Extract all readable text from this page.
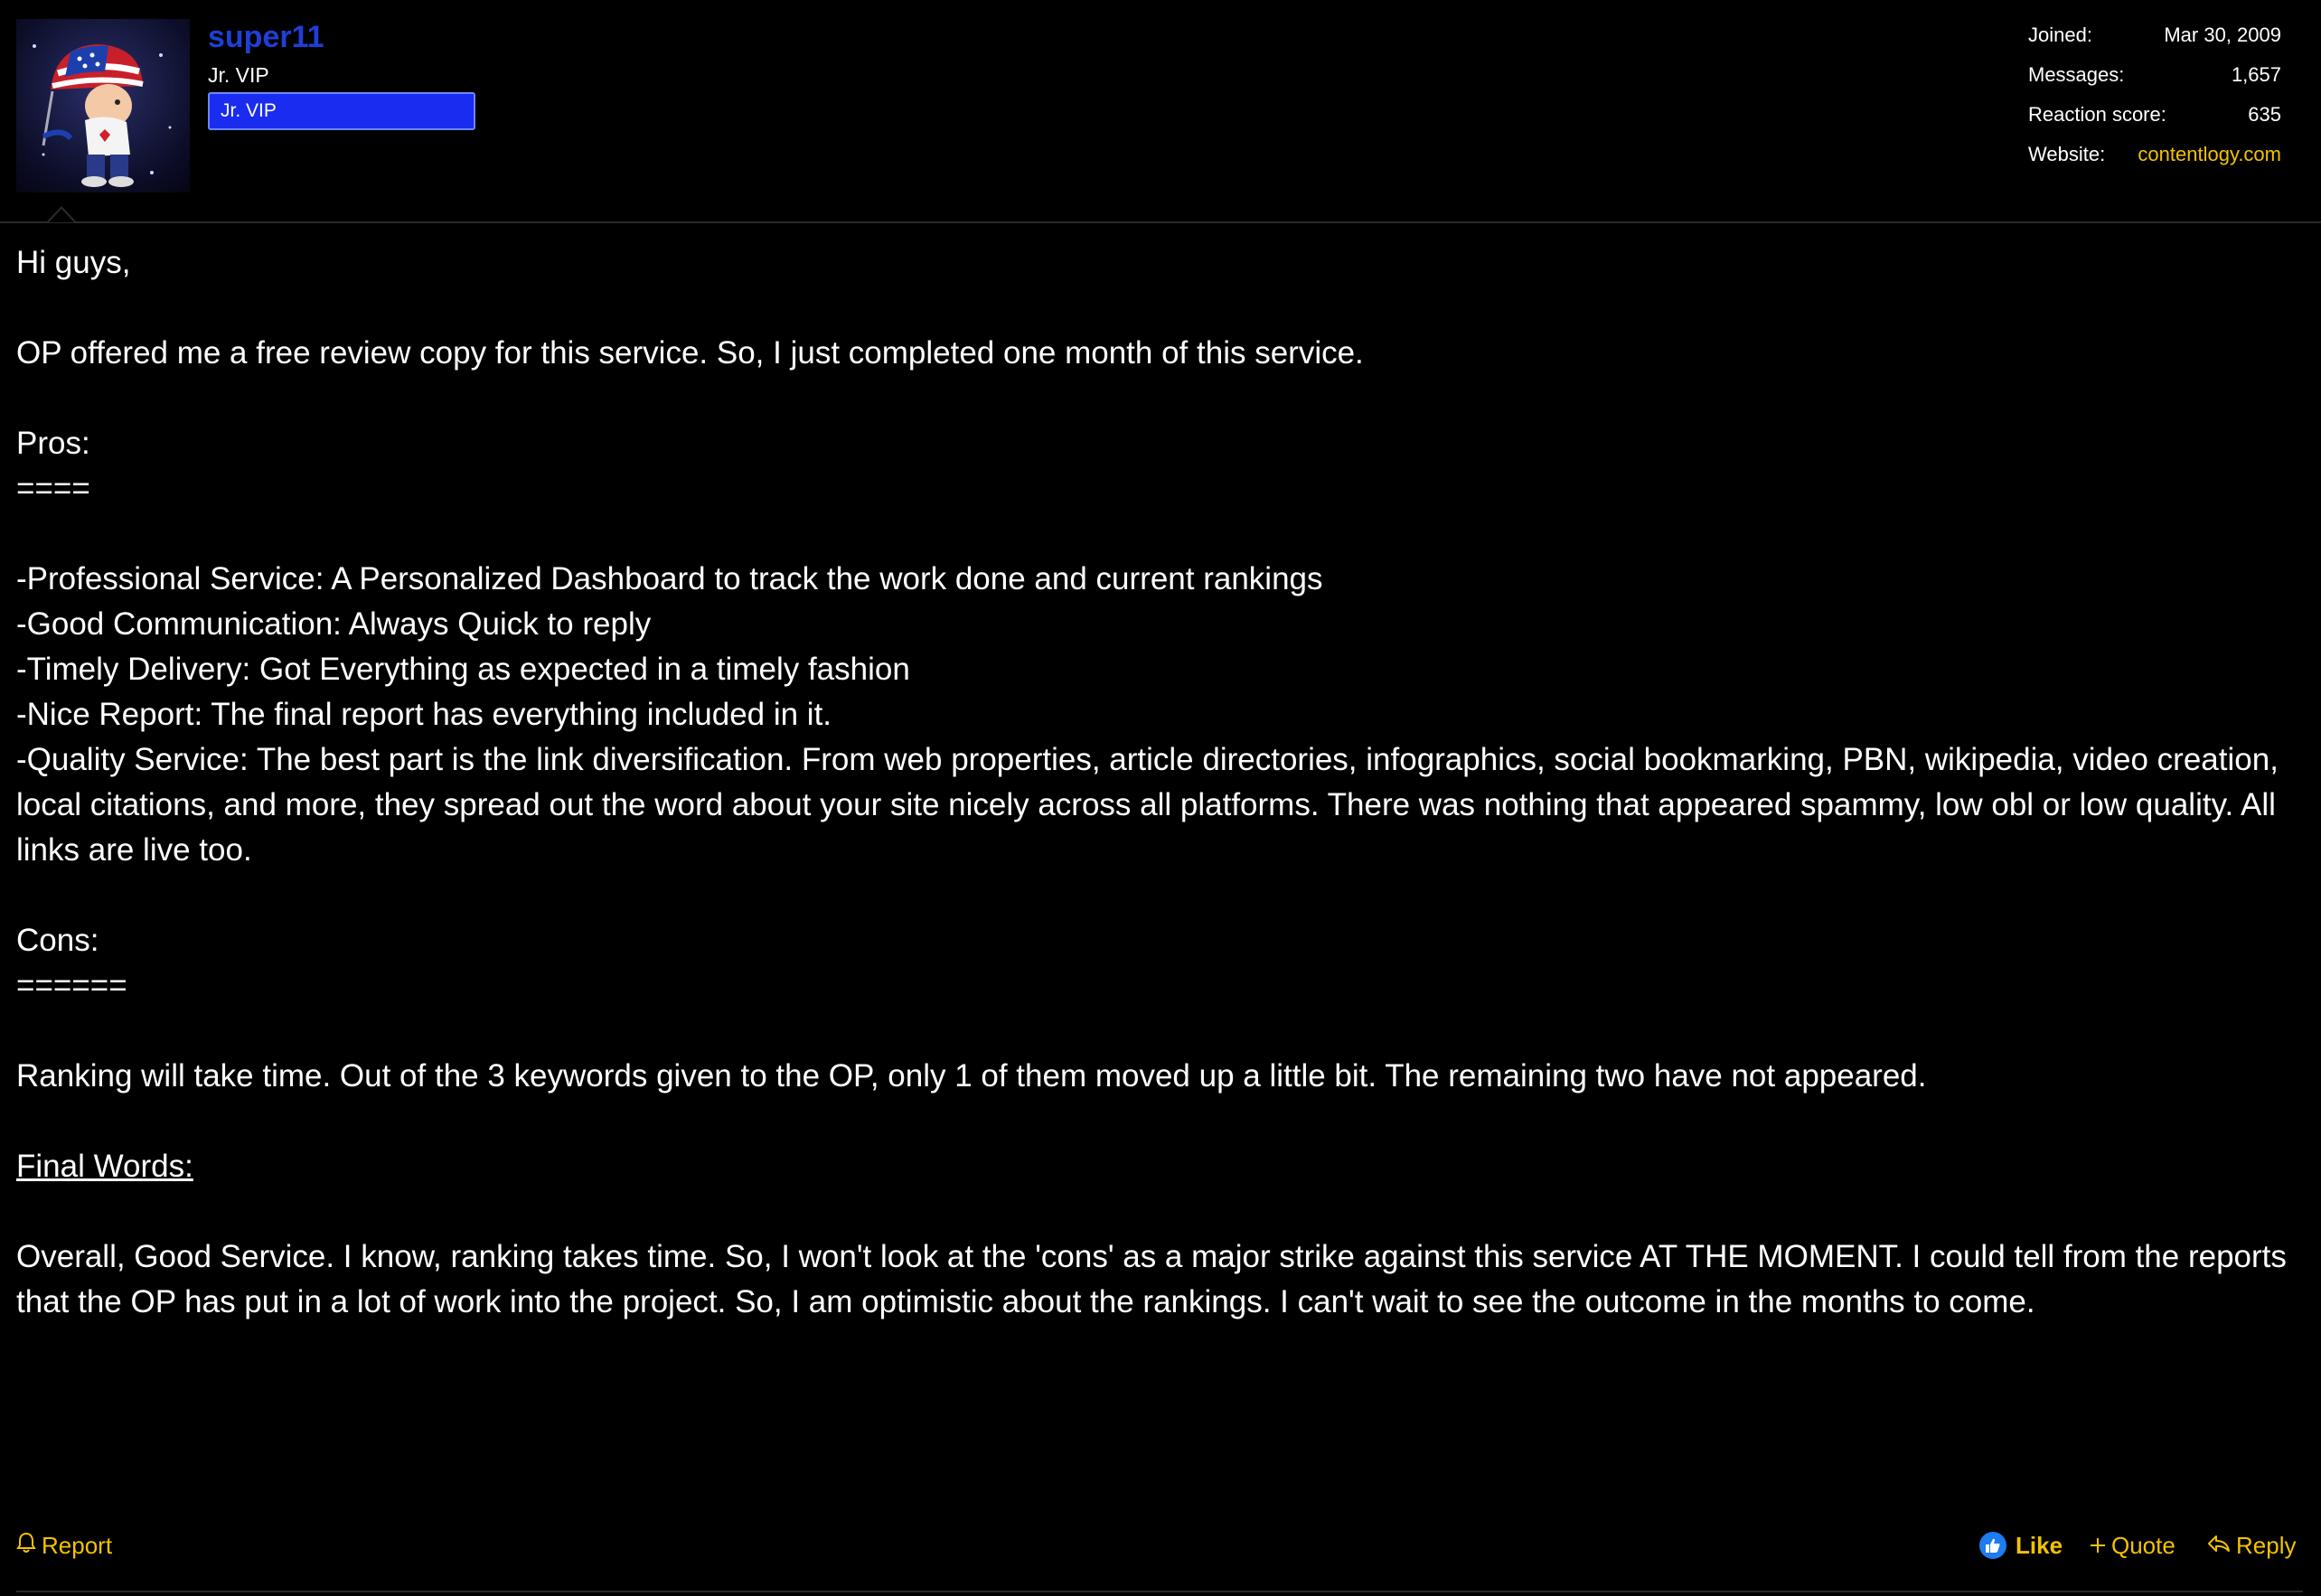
super11
Jr. VIP
Jr. VIP
Joined:	Mar 30, 2009
Messages:	1,657
Reaction score:	635
Website: contentlogy.com

Hi guys,

OP offered me a free review copy for this service. So, I just completed one month of this service.

Pros:

====

-Professional Service: A Personalized Dashboard to track the work done and current rankings

-Good Communication: Always Quick to reply

-Timely Delivery: Got Everything as expected in a timely fashion

-Nice Report: The final report has everything included in it.

-Quality Service: The best part is the link diversification. From web properties, article directories, infographics, social bookmarking, PBN, wikipedia, video creation, local citations, and more, they spread out the word about your site nicely across all platforms. There was nothing that appeared spammy, low obl or low quality. All links are live too.

Cons:

======

Ranking will take time. Out of the 3 keywords given to the OP, only 1 of them moved up a little bit. The remaining two have not appeared.

Final Words:

Overall, Good Service. I know, ranking takes time. So, I won't look at the 'cons' as a major strike against this service AT THE MOMENT. I could tell from the reports that the OP has put in a lot of work into the project. So, I am optimistic about the rankings. I can't wait to see the outcome in the months to come.

Report	Like Quote	Reply
